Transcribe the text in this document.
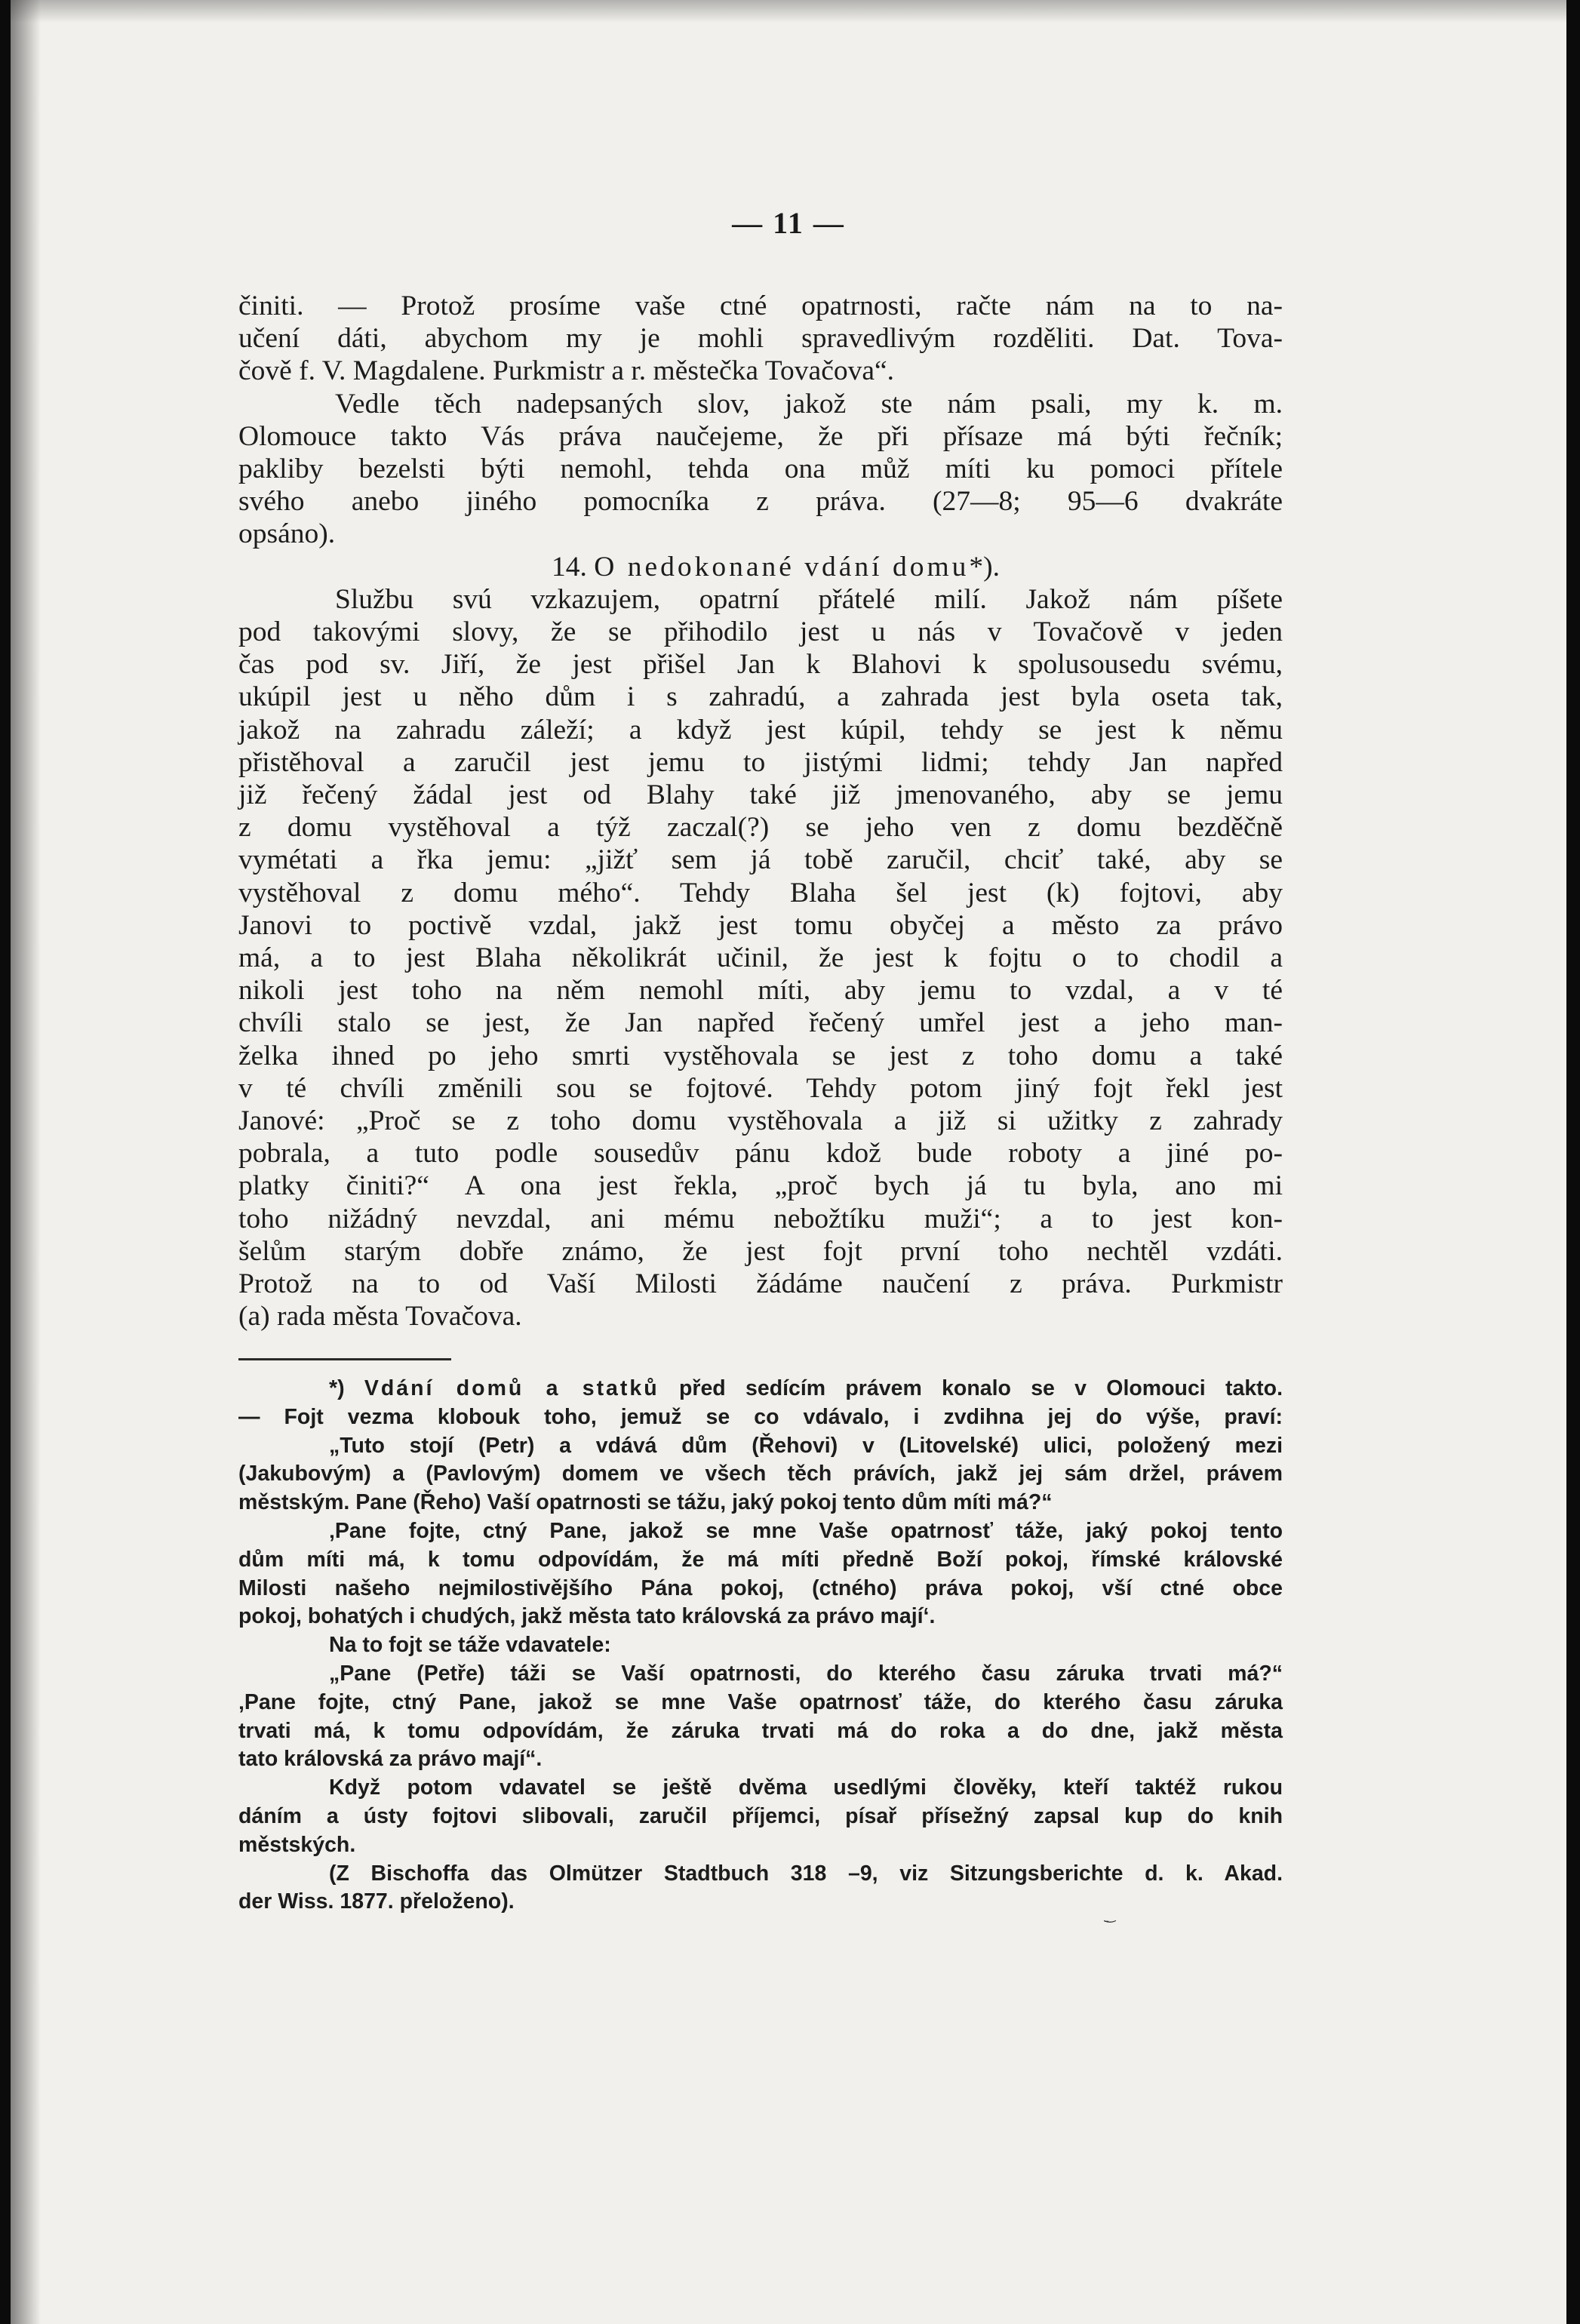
— 11 —

činiti. — Protož prosíme vaše ctné opatrnosti, račte nám na to na-

učení dáti, abychom my je mohli spravedlivým rozděliti. Dat. Tova-

čově f. V. Magdalene. Purkmistr a r. městečka Tovačova“.

Vedle těch nadepsaných slov, jakož ste nám psali, my k. m.

Olomouce takto Vás práva naučejeme, že při přísaze má býti řečník;

pakliby bezelsti býti nemohl, tehda ona můž míti ku pomoci přítele

svého anebo jiného pomocníka z práva. (27—8; 95—6 dvakráte

opsáno).

14. O nedokonané vdání domu*).

Službu svú vzkazujem, opatrní přátelé milí. Jakož nám píšete

pod takovými slovy, že se přihodilo jest u nás v Tovačově v jeden

čas pod sv. Jiří, že jest přišel Jan k Blahovi k spolusousedu svému,

ukúpil jest u něho dům i s zahradú, a zahrada jest byla oseta tak,

jakož na zahradu záleží; a když jest kúpil, tehdy se jest k němu

přistěhoval a zaručil jest jemu to jistými lidmi; tehdy Jan napřed

již řečený žádal jest od Blahy také již jmenovaného, aby se jemu

z domu vystěhoval a týž zaczal(?) se jeho ven z domu bezděčně

vymétati a řka jemu: „jižť sem já tobě zaručil, chciť také, aby se

vystěhoval z domu mého“. Tehdy Blaha šel jest (k) fojtovi, aby

Janovi to poctivě vzdal, jakž jest tomu obyčej a město za právo

má, a to jest Blaha několikrát učinil, že jest k fojtu o to chodil a

nikoli jest toho na něm nemohl míti, aby jemu to vzdal, a v té

chvíli stalo se jest, že Jan napřed řečený umřel jest a jeho man-

želka ihned po jeho smrti vystěhovala se jest z toho domu a také

v té chvíli změnili sou se fojtové. Tehdy potom jiný fojt řekl jest

Janové: „Proč se z toho domu vystěhovala a již si užitky z zahrady

pobrala, a tuto podle sousedův pánu kdož bude roboty a jiné po-

platky činiti?“ A ona jest řekla, „proč bych já tu byla, ano mi

toho nižádný nevzdal, ani mému nebožtíku muži“; a to jest kon-

šelům starým dobře známo, že jest fojt první toho nechtěl vzdáti.

Protož na to od Vaší Milosti žádáme naučení z práva. Purkmistr

(a) rada města Tovačova.

*) Vdání domů a statků před sedícím právem konalo se v Olomouci takto.

— Fojt vezma klobouk toho, jemuž se co vdávalo, i zvdihna jej do výše, praví:

„Tuto stojí (Petr) a vdává dům (Řehovi) v (Litovelské) ulici, položený mezi

(Jakubovým) a (Pavlovým) domem ve všech těch právích, jakž jej sám držel, právem

městským. Pane (Řeho) Vaší opatrnosti se tážu, jaký pokoj tento dům míti má?“

‚Pane fojte, ctný Pane, jakož se mne Vaše opatrnosť táže, jaký pokoj tento

dům míti má, k tomu odpovídám, že má míti předně Boží pokoj, římské královské

Milosti našeho nejmilostivějšího Pána pokoj, (ctného) práva pokoj, vší ctné obce

pokoj, bohatých i chudých, jakž města tato královská za právo mají‘.

Na to fojt se táže vdavatele:

„Pane (Petře) táži se Vaší opatrnosti, do kterého času záruka trvati má?“

‚Pane fojte, ctný Pane, jakož se mne Vaše opatrnosť táže, do kterého času záruka

trvati má, k tomu odpovídám, že záruka trvati má do roka a do dne, jakž města

tato královská za právo mají“.

Když potom vdavatel se ještě dvěma usedlými člověky, kteří taktéž rukou

dáním a ústy fojtovi slibovali, zaručil příjemci, písař přísežný zapsal kup do knih

městských.

(Z Bischoffa das Olmützer Stadtbuch 318 –9, viz Sitzungsberichte d. k. Akad.

der Wiss. 1877. přeloženo).

ˍ͜
